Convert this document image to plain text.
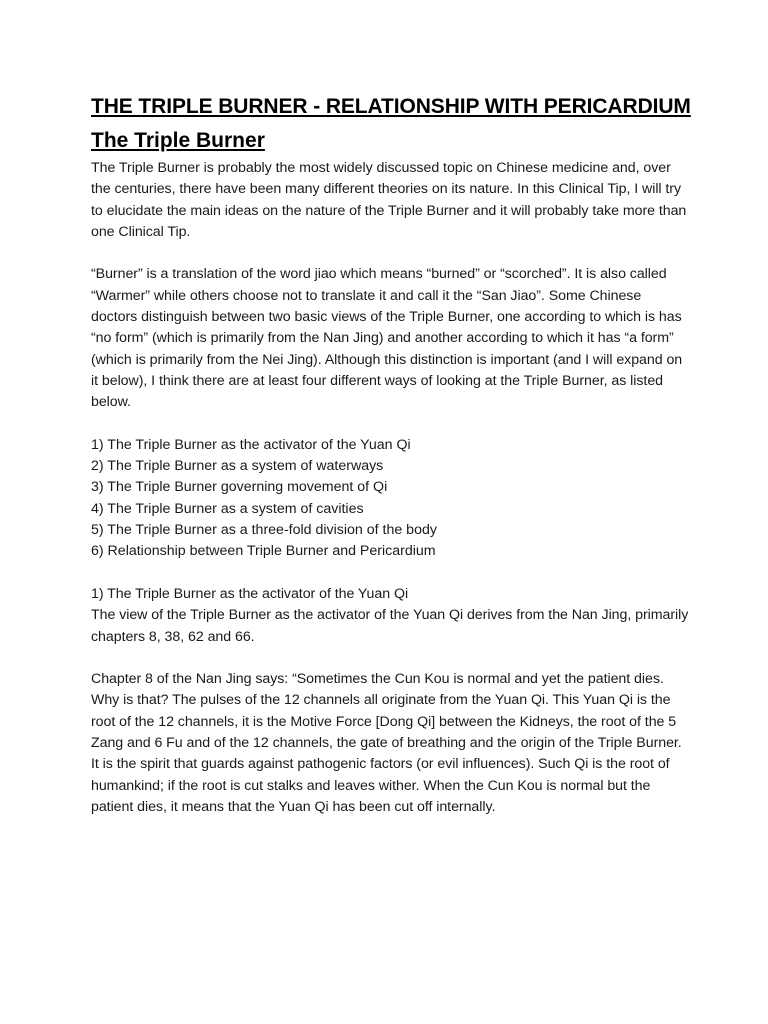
THE TRIPLE BURNER - RELATIONSHIP WITH PERICARDIUM
The Triple Burner

The Triple Burner is probably the most widely discussed topic on Chinese medicine and, over the centuries, there have been many different theories on its nature. In this Clinical Tip, I will try to elucidate the main ideas on the nature of the Triple Burner and it will probably take more than one Clinical Tip.

“Burner” is a translation of the word jiao which means “burned” or “scorched”. It is also called “Warmer” while others choose not to translate it and call it the “San Jiao”. Some Chinese doctors distinguish between two basic views of the Triple Burner, one according to which is has “no form” (which is primarily from the Nan Jing) and another according to which it has “a form” (which is primarily from the Nei Jing). Although this distinction is important (and I will expand on it below), I think there are at least four different ways of looking at the Triple Burner, as listed below.

1) The Triple Burner as the activator of the Yuan Qi
2) The Triple Burner as a system of waterways
3) The Triple Burner governing movement of Qi
4) The Triple Burner as a system of cavities
5) The Triple Burner as a three-fold division of the body
6) Relationship between Triple Burner and Pericardium

1) The Triple Burner as the activator of the Yuan Qi

The view of the Triple Burner as the activator of the Yuan Qi derives from the Nan Jing, primarily chapters 8, 38, 62 and 66.

Chapter 8 of the Nan Jing says: “Sometimes the Cun Kou is normal and yet the patient dies. Why is that? The pulses of the 12 channels all originate from the Yuan Qi. This Yuan Qi is the root of the 12 channels, it is the Motive Force [Dong Qi] between the Kidneys, the root of the 5 Zang and 6 Fu and of the 12 channels, the gate of breathing and the origin of the Triple Burner. It is the spirit that guards against pathogenic factors (or evil influences). Such Qi is the root of humankind; if the root is cut stalks and leaves wither. When the Cun Kou is normal but the patient dies, it means that the Yuan Qi has been cut off internally.
